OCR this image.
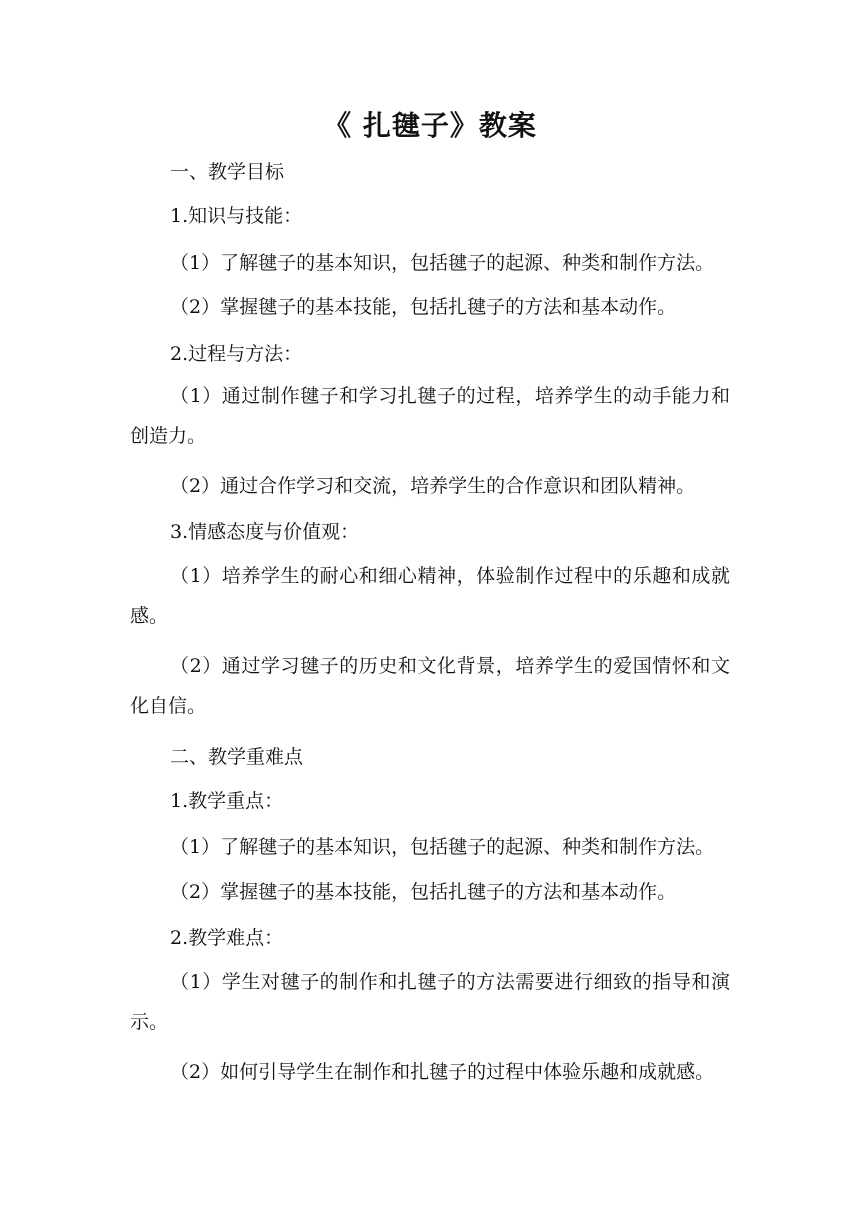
《 扎毽子》教案

一、教学目标

1.知识与技能：

（1）了解毽子的基本知识，包括毽子的起源、种类和制作方法。

（2）掌握毽子的基本技能，包括扎毽子的方法和基本动作。

2.过程与方法：

（1）通过制作毽子和学习扎毽子的过程，培养学生的动手能力和创造力。

（2）通过合作学习和交流，培养学生的合作意识和团队精神。

3.情感态度与价值观：

（1）培养学生的耐心和细心精神，体验制作过程中的乐趣和成就感。

（2）通过学习毽子的历史和文化背景，培养学生的爱国情怀和文化自信。

二、教学重难点

1.教学重点：

（1）了解毽子的基本知识，包括毽子的起源、种类和制作方法。

（2）掌握毽子的基本技能，包括扎毽子的方法和基本动作。

2.教学难点：

（1）学生对毽子的制作和扎毽子的方法需要进行细致的指导和演示。

（2）如何引导学生在制作和扎毽子的过程中体验乐趣和成就感。
